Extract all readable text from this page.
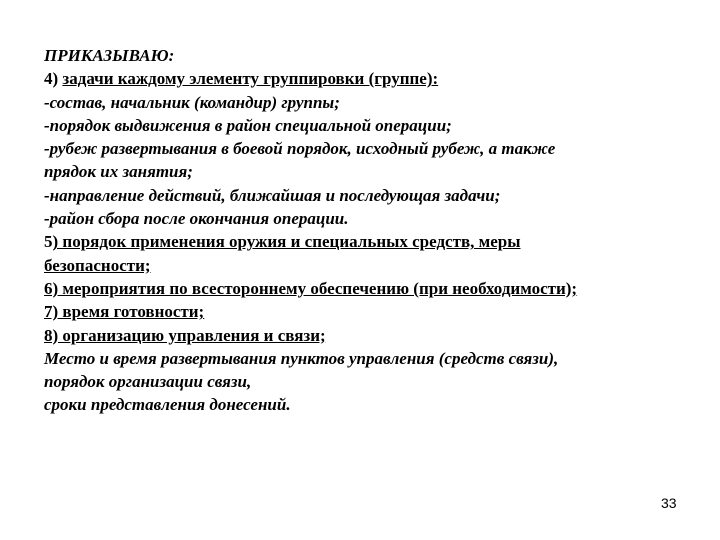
ПРИКАЗЫВАЮ:
4) задачи каждому элементу группировки (группе):
-состав, начальник (командир) группы;
-порядок выдвижения в район специальной операции;
-рубеж развертывания в боевой порядок, исходный рубеж, а также
прядок их занятия;
-направление действий, ближайшая и последующая задачи;
-район сбора после окончания операции.
5) порядок применения оружия и специальных средств, меры
безопасности;
6) мероприятия по всестороннему обеспечению (при необходимости);
7) время готовности;
8) организацию управления и связи;
Место и время развертывания пунктов управления (средств связи),
порядок организации связи,
сроки представления донесений.
33
